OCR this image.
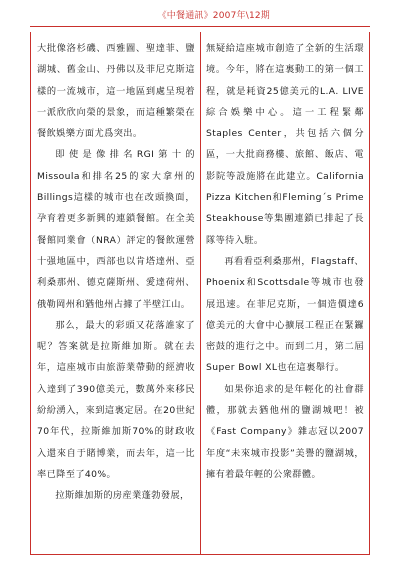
《中餐通訊》2007年\12期

大批像洛杉磯、西雅圖、聖達菲、鹽湖城、舊金山、丹佛以及菲尼克斯這樣的一流城市，這一地區到處呈現着一派欣欣向榮的景象，而這種繁榮在餐飲娛樂方面尤爲突出。

即使是像排名RGI第十的Missoula和排名25的家大拿州的Billings這樣的城市也在改頭換面，孕育着更多新興的連鎖餐館。在全美餐館同業會（NRA）評定的餐飲運營十强地區中，西部也以肯塔達州、亞利桑那州、德克薩斯州、愛達荷州、俄勒岡州和猶他州占據了半壁江山。

那么，最大的彩頭又花落誰家了呢？答案就是拉斯維加斯。就在去年，這座城市由旅游業帶動的經濟收入達到了390億美元，數萬外來移民紛紛湧入，來到這裏定居。在20世紀70年代，拉斯維加斯70%的財政收入還來自于賭博業，而去年，這一比率已降至了40%。

拉斯維加斯的房産業蓬勃發展，

無疑給這座城市創造了全新的生活環境。今年，將在這裏動工的第一個工程，就是耗資25億美元的L.A. LIVE綜合娛樂中心。這一工程緊鄰Staples Center，共包括六個分區，一大批商務樓、旅館、飯店、電影院等設施將在此建立。California Pizza Kitchen和Fleming´s Prime Steakhouse等集團連鎖已排起了長隊等待入駐。

再看看亞利桑那州，Flagstaff、Phoenix和Scottsdale等城市也發展迅速。在菲尼克斯，一個造價達6億美元的大會中心擴展工程正在緊鑼密鼓的進行之中。而到二月，第二屆Super Bowl XL也在這裏舉行。

如果你追求的是年輕化的社會群體，那就去猶他州的鹽湖城吧！被《Fast Company》雜志冠以2007年度“未來城市投影”美譽的鹽湖城，擁有着最年輕的公衆群體。
